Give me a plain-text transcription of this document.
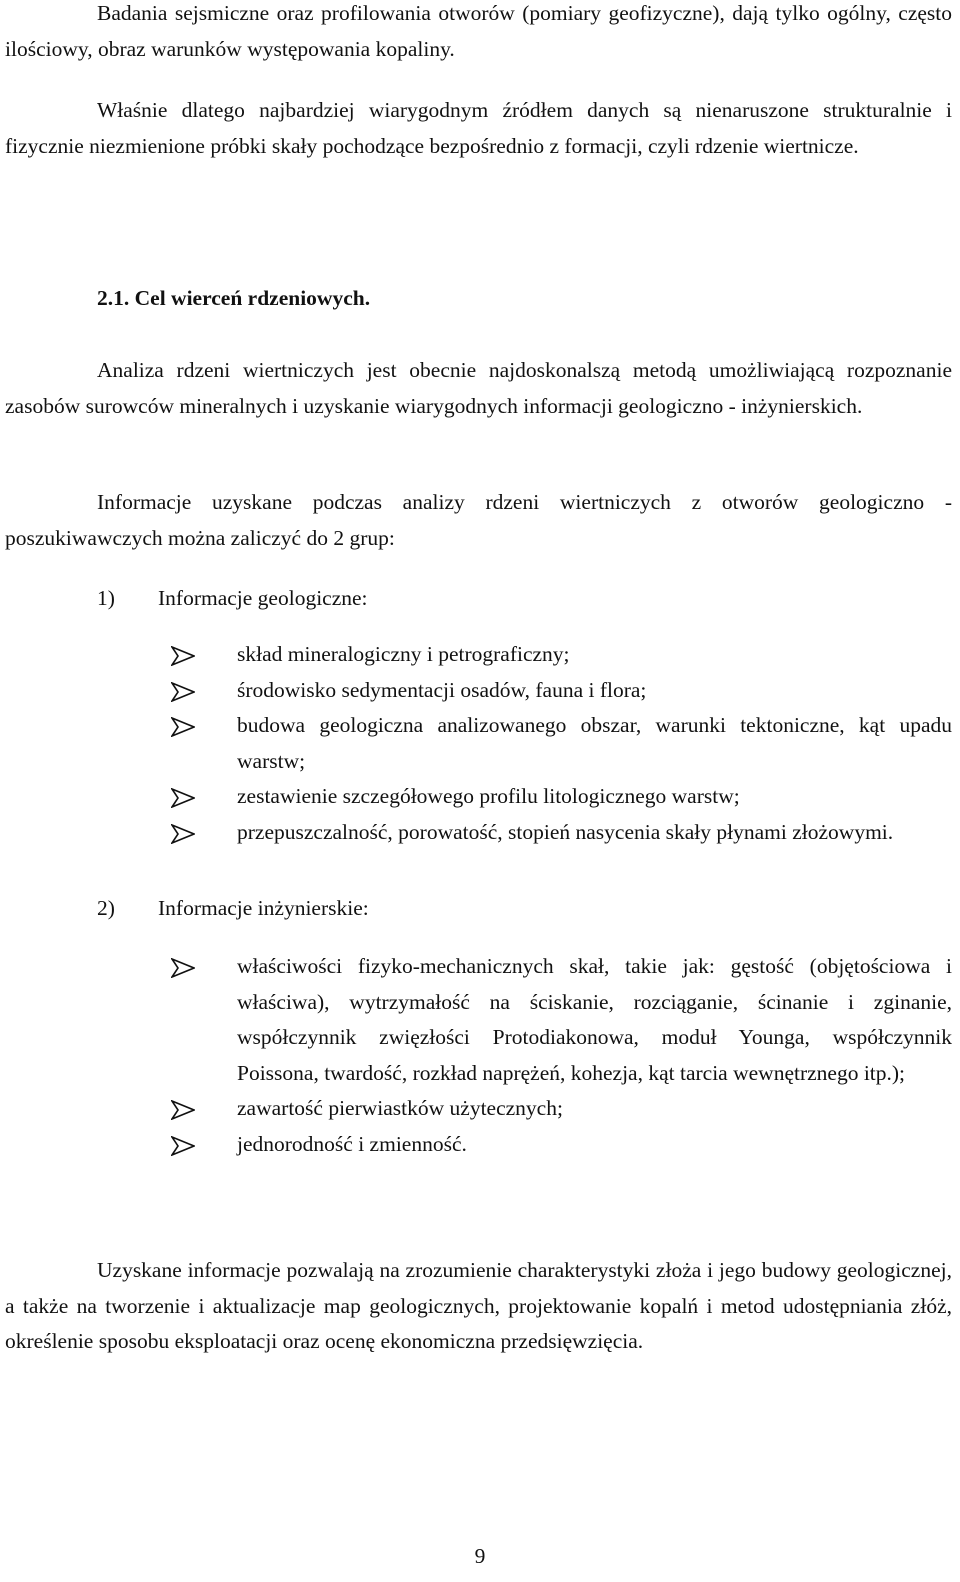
Badania sejsmiczne oraz profilowania otworów (pomiary geofizyczne), dają tylko ogólny, często ilościowy, obraz warunków występowania kopaliny.

Właśnie dlatego najbardziej wiarygodnym źródłem danych są nienaruszone strukturalnie i fizycznie niezmienione próbki skały pochodzące bezpośrednio z formacji, czyli rdzenie wiertnicze.

2.1. Cel wierceń rdzeniowych.

Analiza rdzeni wiertniczych jest obecnie najdoskonalszą metodą umożliwiającą rozpoznanie zasobów surowców mineralnych i uzyskanie wiarygodnych informacji geologiczno - inżynierskich.

Informacje uzyskane podczas analizy rdzeni wiertniczych z otworów geologiczno - poszukiwawczych można zaliczyć do 2 grup:

1) Informacje geologiczne:

skład mineralogiczny i petrograficzny;
środowisko sedymentacji osadów, fauna i flora;
budowa geologiczna analizowanego obszar, warunki tektoniczne, kąt upadu warstw;
zestawienie szczegółowego profilu litologicznego warstw;
przepuszczalność, porowatość, stopień nasycenia skały płynami złożowymi.

2) Informacje inżynierskie:

właściwości fizyko-mechanicznych skał, takie jak: gęstość (objętościowa i właściwa), wytrzymałość na ściskanie, rozciąganie, ścinanie i zginanie, współczynnik zwięzłości Protodiakonowa, moduł Younga, współczynnik Poissona, twardość, rozkład naprężeń, kohezja, kąt tarcia wewnętrznego itp.);
zawartość pierwiastków użytecznych;
jednorodność i zmienność.

Uzyskane informacje pozwalają na zrozumienie charakterystyki złoża i jego budowy geologicznej, a także na tworzenie i aktualizacje map geologicznych, projektowanie kopalń i metod udostępniania złóż, określenie sposobu eksploatacji oraz ocenę ekonomiczna przedsięwzięcia.

9
